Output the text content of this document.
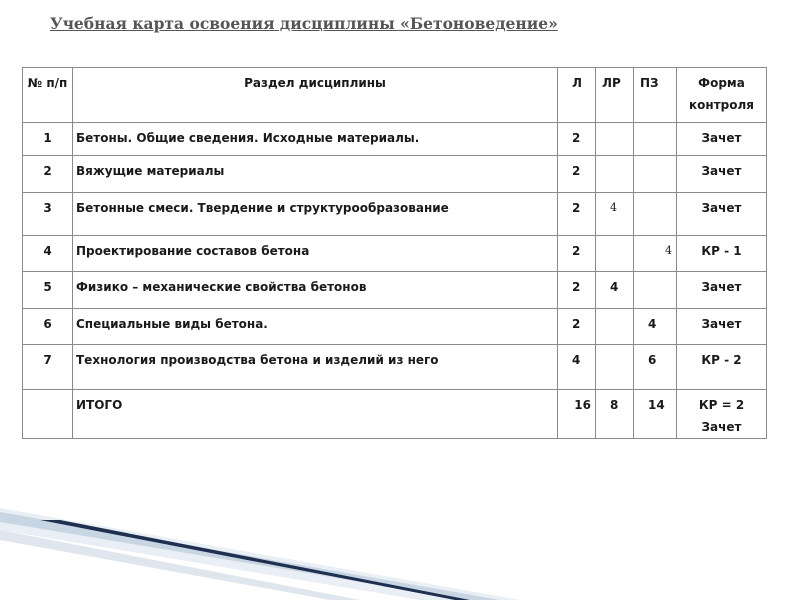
Учебная карта освоения дисциплины «Бетоноведение»
№ п/п	Раздел дисциплины	Л	ЛР	ПЗ	Форма контроля
1	Бетоны. Общие сведения. Исходные материалы.	2			Зачет
2	Вяжущие материалы	2			Зачет
3	Бетонные смеси. Твердение и структурообразование	2	4		Зачет
4	Проектирование составов бетона	2		4	КР - 1
5	Физико – механические свойства бетонов	2	4		Зачет
6	Специальные виды бетона.	2		4	Зачет
7	Технология производства бетона и изделий из него	4		6	КР - 2
	ИТОГО	16	8	14	КР = 2 Зачет
